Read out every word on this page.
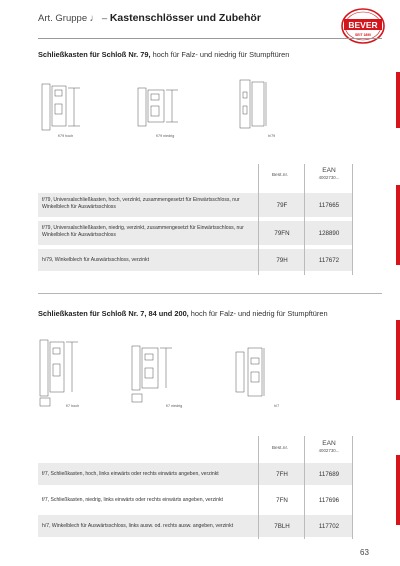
Art. Gruppe ♩ – Kastenschlösser und Zubehör
BEVER
SEIT 1890
Schließkasten für Schloß Nr. 79, hoch für Falz- und niedrig für Stumpftüren
f/79 hoch	f/79 niedrig	h/79
Best.nr.
EAN
4002730...
f/79, Universalschließkasten, hoch, verzinkt, zusammengesetzt für Einwärtsschloss, nur Winkelblech für Auswärtsschloss	79F	117665
f/79, Universalschließkasten, niedrig, verzinkt, zusammengesetzt für Einwärtsschloss, nur Winkelblech für Auswärtsschloss	79FN	128890
h/79, Winkelblech für Auswärtsschloss, verzinkt	79H	117672
Schließkasten für Schloß Nr. 7, 84 und 200, hoch für Falz- und niedrig für Stumpftüren
f/7 hoch	f/7 niedrig	h/7
Best.nr.
EAN
4002730...
f/7, Schließkasten, hoch, links einwärts oder rechts einwärts angeben, verzinkt	7FH	117689
f/7, Schließkasten, niedrig, links einwärts oder rechts einwärts angeben, verzinkt	7FN	117696
h/7, Winkelblech für Auswärtsschloss, links ausw. od. rechts ausw. angeben, verzinkt	7BLH	117702
63
